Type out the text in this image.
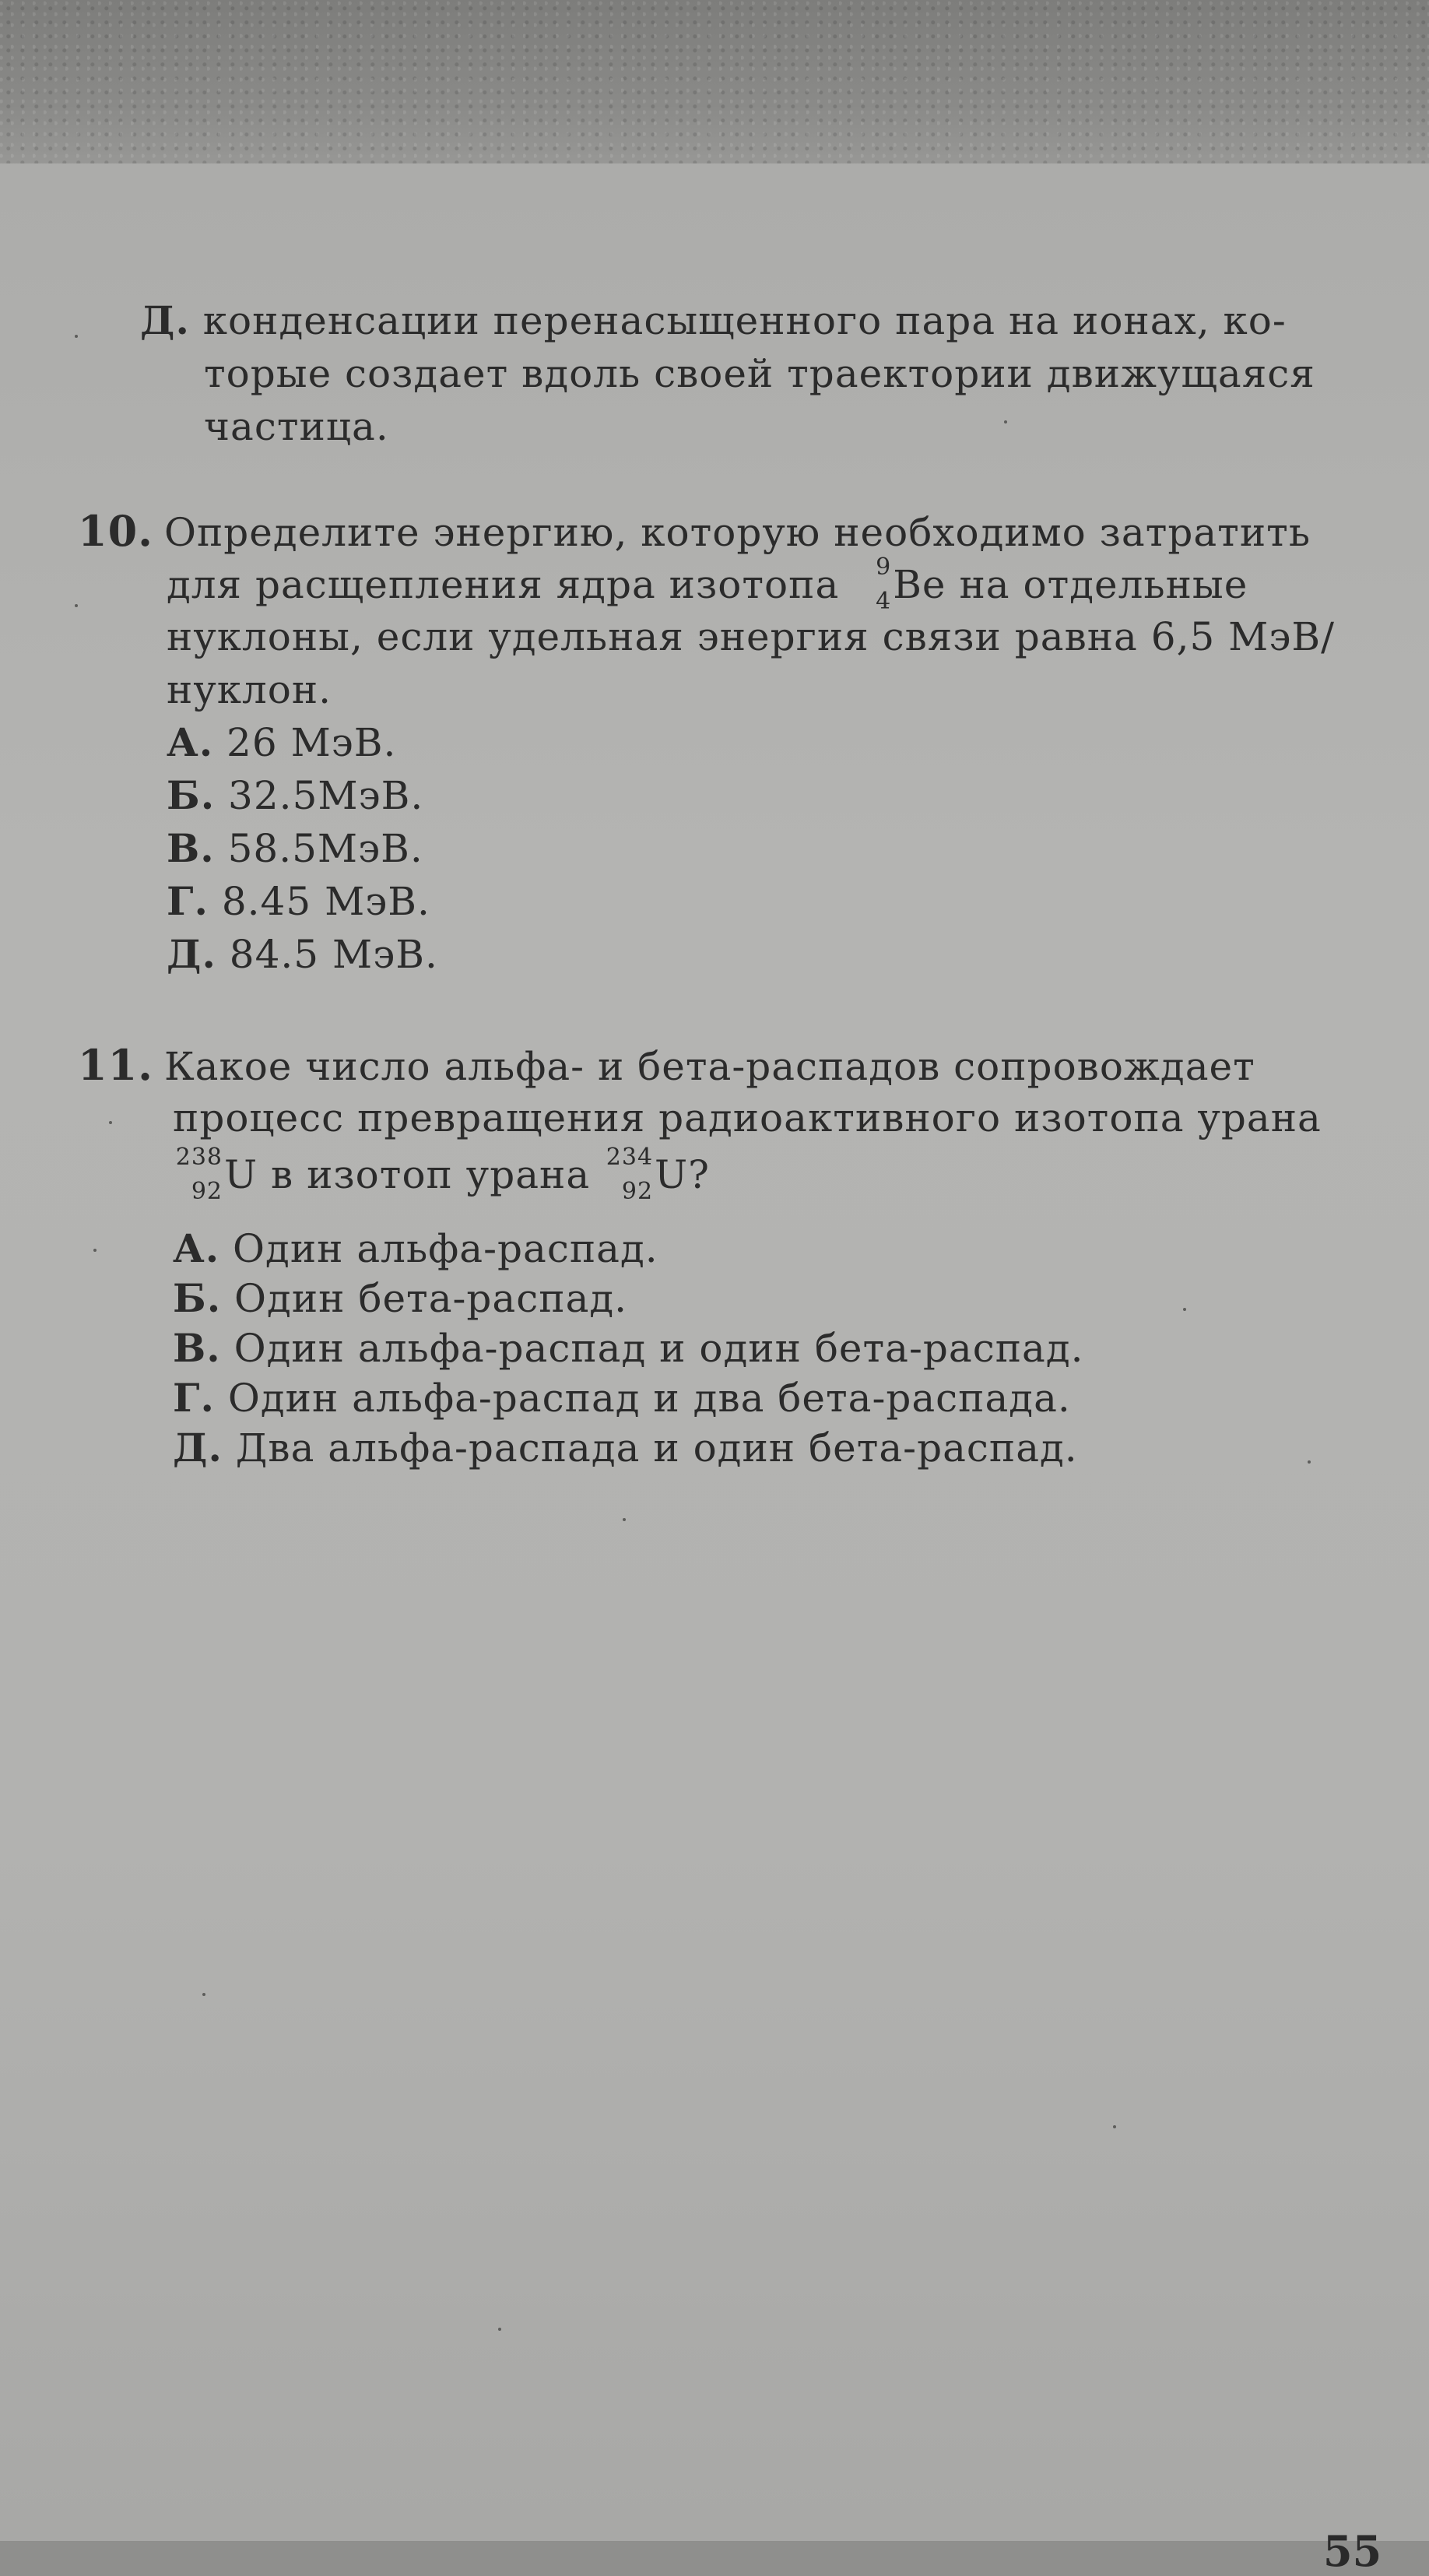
Д. конденсации перенасыщенного пара на ионах, ко-
торые создает вдоль своей траектории движущаяся
частица.
10. Определите энергию, которую необходимо затратить
для расщепления ядра изотопа 9
4 Be на отдельные
нуклоны, если удельная энергия связи равна 6,5 МэВ/
нуклон.
А. 26 МэВ.
Б. 32.5МэВ.
В. 58.5МэВ.
Г. 8.45 МэВ.
Д. 84.5 МэВ.
11. Какое число альфа- и бета-распадов сопровождает
процесс превращения радиоактивного изотопа урана
238
92 U в изотоп урана 234
92 U?
А. Один альфа-распад.
Б. Один бета-распад.
В. Один альфа-распад и один бета-распад.
Г. Один альфа-распад и два бета-распада.
Д. Два альфа-распада и один бета-распад.
55
